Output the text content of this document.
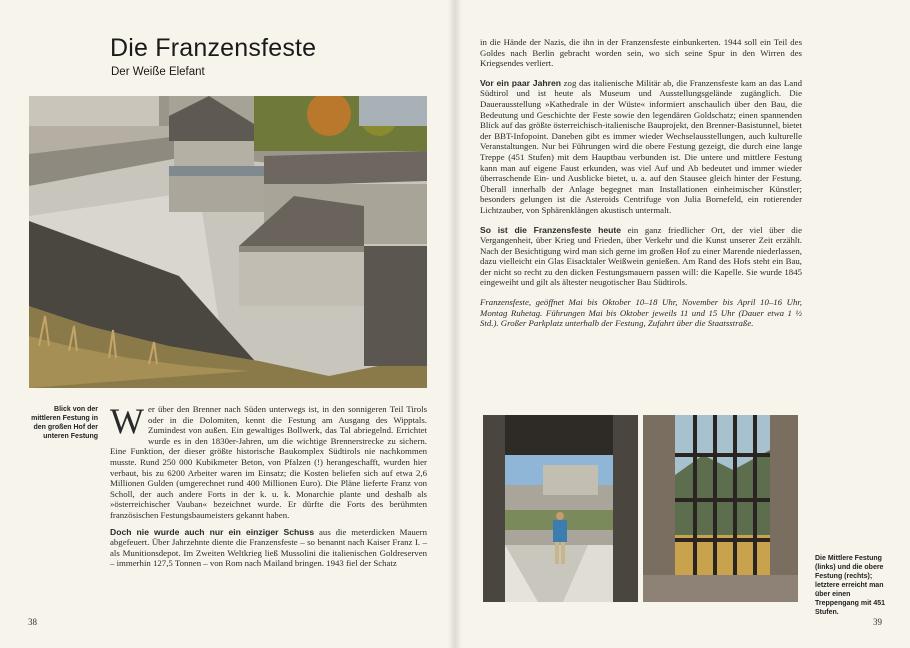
Die Franzensfeste
Der Weiße Elefant
Blick von der mittleren Festung in den großen Hof der unteren Festung Wer über den Brenner nach Süden unterwegs ist, in den sonnigeren Teil Tirols oder in die Dolomiten, kennt die Festung am Ausgang des Wipptals. Zumindest von außen. Ein gewaltiges Bollwerk, das Tal abriegelnd. Errichtet wurde es in den 1830er-Jahren, um die wichtige Brennerstrecke zu sichern. Eine Funktion, der dieser größte historische Baukomplex Südtirols nie nachkommen musste. Rund 250 000 Kubikmeter Beton, von Pfalzen (!) herangeschafft, wurden hier verbaut, bis zu 6200 Arbeiter waren im Einsatz; die Kosten beliefen sich auf etwa 2,6 Millionen Gulden (umgerechnet rund 400 Millionen Euro). Die Pläne lieferte Franz von Scholl, der auch andere Forts in der k. u. k. Monarchie plante und deshalb als »österreichischer Vauban« bezeichnet wurde. Er dürfte die Forts des berühmten französischen Festungsbaumeisters gekannt haben.

Doch nie wurde auch nur ein einziger Schuss aus die meterdicken Mauern abgefeuert. Über Jahrzehnte diente die Franzensfeste – so benannt nach Kaiser Franz I. – als Munitionsdepot. Im Zweiten Weltkrieg ließ Mussolini die italienischen Goldreserven – immerhin 127,5 Tonnen – von Rom nach Mailand bringen. 1943 fiel der Schatz

38

in die Hände der Nazis, die ihn in der Franzensfeste einbunkerten. 1944 soll ein Teil des Goldes nach Berlin gebracht worden sein, wo sich seine Spur in den Wirren des Kriegsendes verliert.

Vor ein paar Jahren zog das italienische Militär ab, die Franzensfeste kam an das Land Südtirol und ist heute als Museum und Ausstellungsgelände zugänglich. Die Dauerausstellung »Kathedrale in der Wüste« informiert anschaulich über den Bau, die Bedeutung und Geschichte der Feste sowie den legendären Goldschatz; einen spannenden Blick auf das größte österreichisch-italienische Bauprojekt, den Brenner-Basistunnel, bietet der BBT-Infopoint. Daneben gibt es immer wieder Wechselausstellungen, auch kulturelle Veranstaltungen. Nur bei Führungen wird die obere Festung gezeigt, die durch eine lange Treppe (451 Stufen) mit dem Hauptbau verbunden ist. Die untere und mittlere Festung kann man auf eigene Faust erkunden, was viel Auf und Ab bedeutet und immer wieder überraschende Ein- und Ausblicke bietet, u. a. auf den Stausee gleich hinter der Festung. Überall innerhalb der Anlage begegnet man Installationen einheimischer Künstler; besonders gelungen ist die Asteroids Centrifuge von Julia Bornefeld, ein rotierender Lichtzauber, von Sphärenklängen akustisch untermalt.

So ist die Franzensfeste heute ein ganz friedlicher Ort, der viel über die Vergangenheit, über Krieg und Frieden, über Verkehr und die Kunst unserer Zeit erzählt. Nach der Besichtigung wird man sich gerne im großen Hof zu einer Marende niederlassen, dazu vielleicht ein Glas Eisacktaler Weißwein genießen. Am Rand des Hofs steht ein Bau, der nicht so recht zu den dicken Festungsmauern passen will: die Kapelle. Sie wurde 1845 eingeweiht und gilt als ältester neugotischer Bau Südtirols.

Franzensfeste, geöffnet Mai bis Oktober 10–18 Uhr, November bis April 10–16 Uhr, Montag Ruhetag. Führungen Mai bis Oktober jeweils 11 und 15 Uhr (Dauer etwa 1 ½ Std.). Großer Parkplatz unterhalb der Festung, Zufahrt über die Staatsstraße.

Die Mittlere Festung (links) und die obere Festung (rechts); letztere erreicht man über einen Treppengang mit 451 Stufen.
39
